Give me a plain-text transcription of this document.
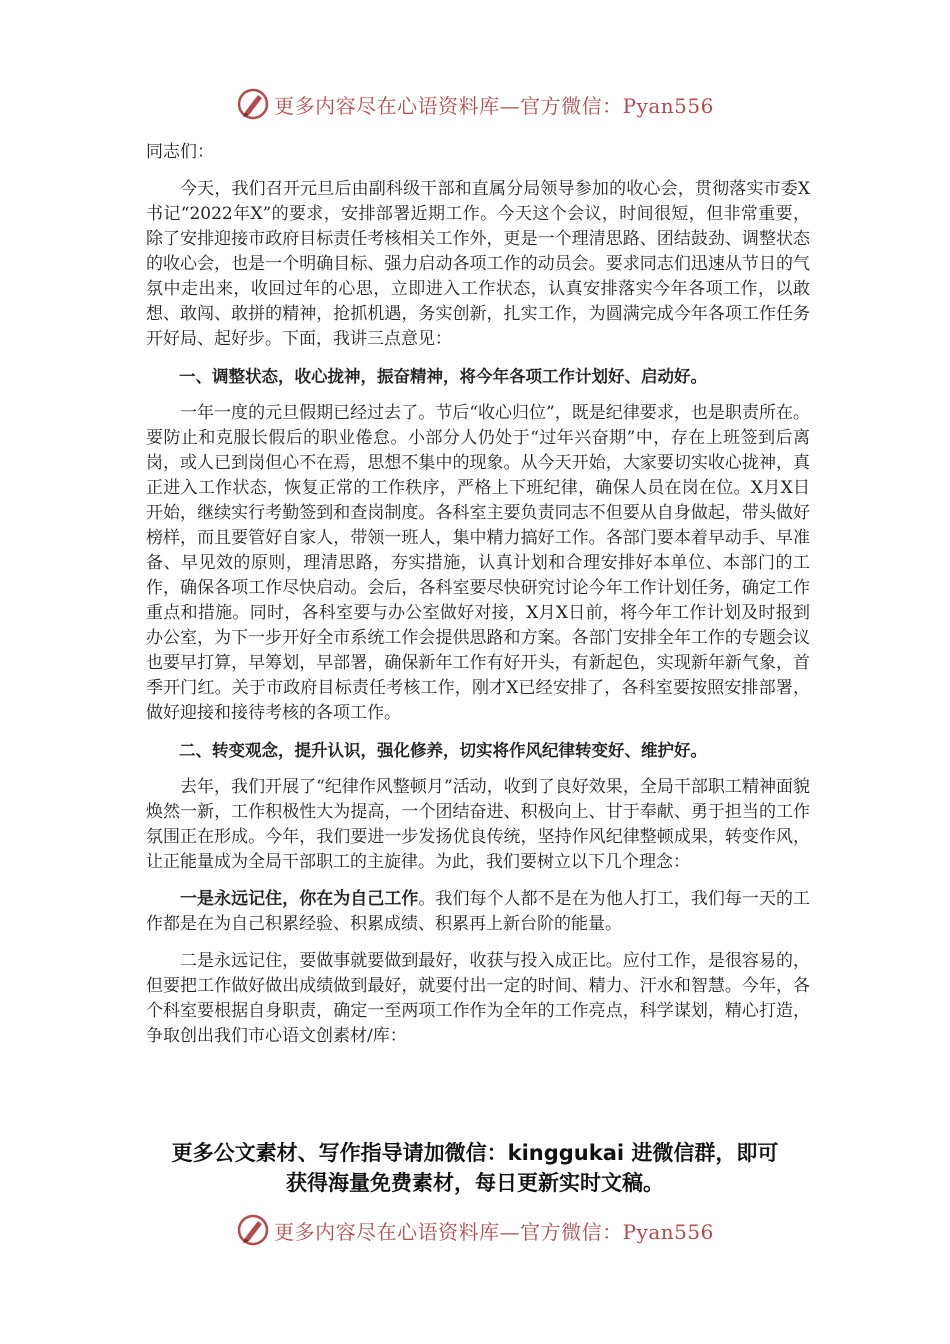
更多内容尽在心语资料库—官方微信：Pyan556

同志们：

今天，我们召开元旦后由副科级干部和直属分局领导参加的收心会，贯彻落实市委X书记“2022年X”的要求，安排部署近期工作。今天这个会议，时间很短，但非常重要，除了安排迎接市政府目标责任考核相关工作外，更是一个理清思路、团结鼓劲、调整状态的收心会，也是一个明确目标、强力启动各项工作的动员会。要求同志们迅速从节日的气氛中走出来，收回过年的心思，立即进入工作状态，认真安排落实今年各项工作，以敢想、敢闯、敢拼的精神，抢抓机遇，务实创新，扎实工作，为圆满完成今年各项工作任务开好局、起好步。下面，我讲三点意见：

一、调整状态，收心拢神，振奋精神，将今年各项工作计划好、启动好。

一年一度的元旦假期已经过去了。节后“收心归位”，既是纪律要求，也是职责所在。要防止和克服长假后的职业倦怠。小部分人仍处于“过年兴奋期”中，存在上班签到后离岗，或人已到岗但心不在焉，思想不集中的现象。从今天开始，大家要切实收心拢神，真正进入工作状态，恢复正常的工作秩序，严格上下班纪律，确保人员在岗在位。X月X日开始，继续实行考勤签到和查岗制度。各科室主要负责同志不但要从自身做起，带头做好榜样，而且要管好自家人，带领一班人，集中精力搞好工作。各部门要本着早动手、早准备、早见效的原则，理清思路，夯实措施，认真计划和合理安排好本单位、本部门的工作，确保各项工作尽快启动。会后，各科室要尽快研究讨论今年工作计划任务，确定工作重点和措施。同时，各科室要与办公室做好对接，X月X日前，将今年工作计划及时报到办公室，为下一步开好全市系统工作会提供思路和方案。各部门安排全年工作的专题会议也要早打算，早筹划，早部署，确保新年工作有好开头，有新起色，实现新年新气象，首季开门红。关于市政府目标责任考核工作，刚才X已经安排了，各科室要按照安排部署，做好迎接和接待考核的各项工作。

二、转变观念，提升认识，强化修养，切实将作风纪律转变好、维护好。

去年，我们开展了“纪律作风整顿月”活动，收到了良好效果，全局干部职工精神面貌焕然一新，工作积极性大为提高，一个团结奋进、积极向上、甘于奉献、勇于担当的工作氛围正在形成。今年，我们要进一步发扬优良传统，坚持作风纪律整顿成果，转变作风，让正能量成为全局干部职工的主旋律。为此，我们要树立以下几个理念：

一是永远记住，你在为自己工作。我们每个人都不是在为他人打工，我们每一天的工作都是在为自己积累经验、积累成绩、积累再上新台阶的能量。

二是永远记住，要做事就要做到最好，收获与投入成正比。应付工作，是很容易的，但要把工作做好做出成绩做到最好，就要付出一定的时间、精力、汗水和智慧。今年，各个科室要根据自身职责，确定一至两项工作作为全年的工作亮点，科学谋划，精心打造，争取创出我们市心语文创素材/库：

更多公文素材、写作指导请加微信：kinggukai 进微信群，即可
获得海量免费素材，每日更新实时文稿。
更多内容尽在心语资料库—官方微信：Pyan556
